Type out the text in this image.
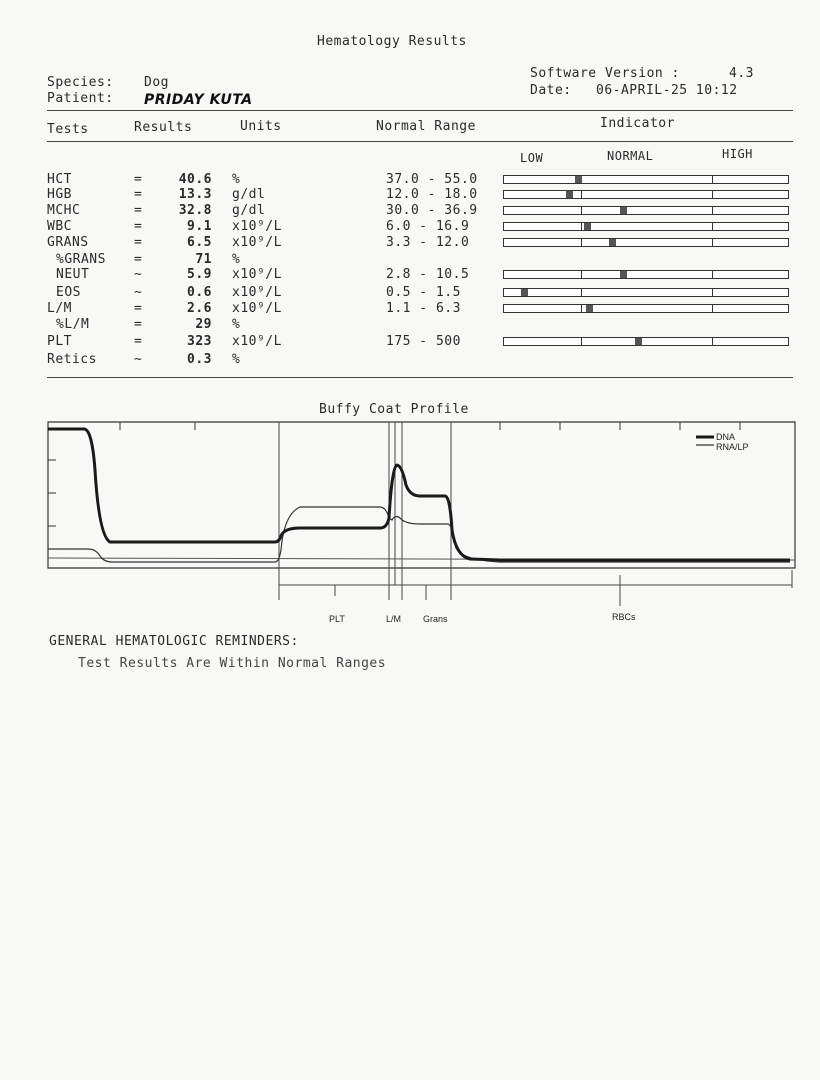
Hematology Results
Species: Dog
Patient: PRIDAY KUTA
Software Version :	4.3
Date: 06-APRIL-25 10:12
Tests	Results	Units	Normal Range	Indicator
LOW	NORMAL	HIGH
HCT	=	40.6 %	37.0 - 55.0
HGB	=	13.3 g/dl	12.0 - 18.0
MCHC	=	32.8 g/dl	30.0 - 36.9
WBC	=	9.1 x10⁹/L	6.0 - 16.9
GRANS	=	6.5 x10⁹/L	3.3 - 12.0
%GRANS =	71 %
NEUT	~	5.9 x10⁹/L	2.8 - 10.5
EOS	~	0.6 x10⁹/L	0.5 - 1.5
L/M	=	2.6 x10⁹/L	1.1 - 6.3
%L/M	=	29 %
PLT	=	323 x10⁹/L	175 - 500
Retics	~	0.3 %
Buffy Coat Profile
DNA
RNA/LP
PLT	L/M Grans	RBCs
GENERAL HEMATOLOGIC REMINDERS:
Test Results Are Within Normal Ranges
